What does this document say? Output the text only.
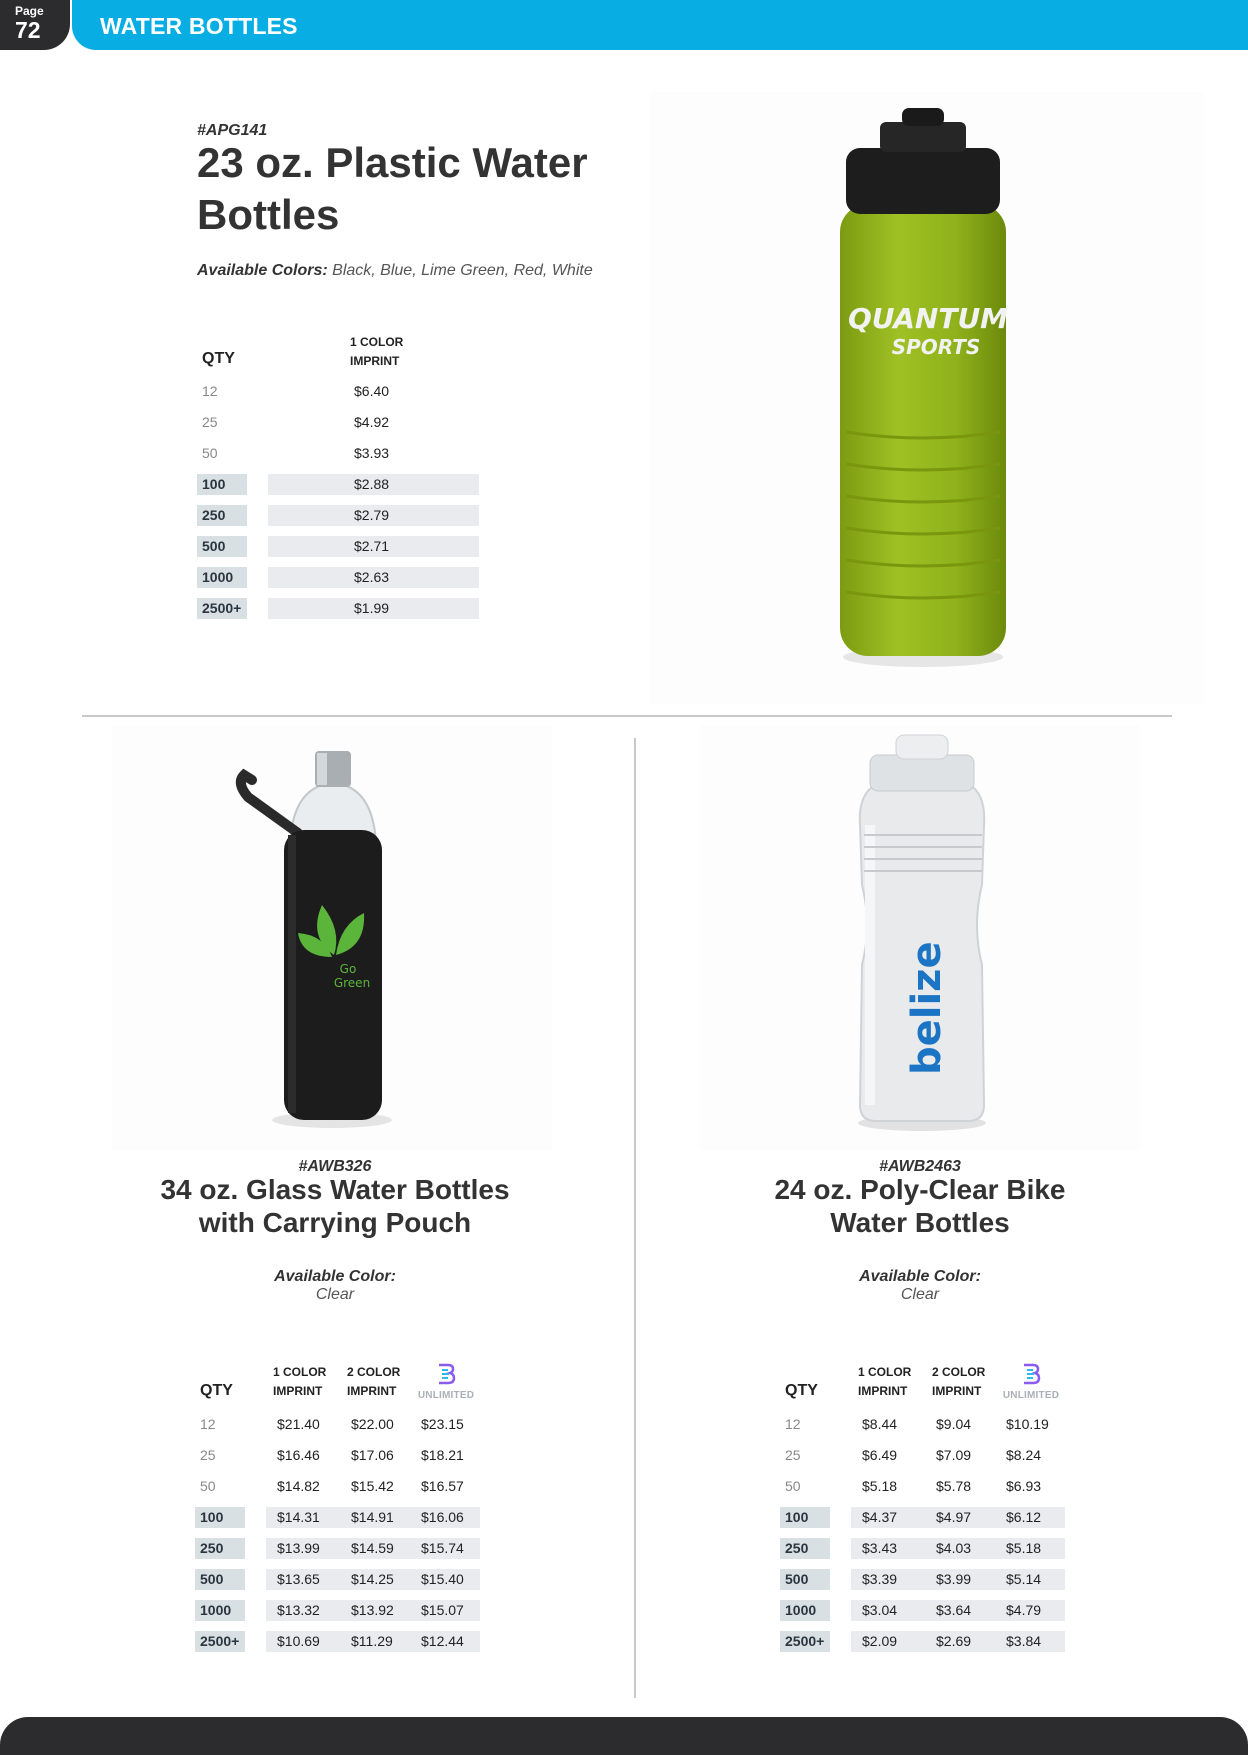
Page
72	WATER BOTTLES
#APG141
23 oz. Plastic Water
Bottles
Available Colors: Black, Blue, Lime Green, Red, White
1 COLOR
IMPRINT
QTY
12	$6.40
25	$4.92
50	$3.93
100	$2.88
250	$2.79
500	$2.71
1000	$2.63
2500+	$1.99
QUANTUM
SPORTS
Go
Green
#AWB326
34 oz. Glass Water Bottles
with Carrying Pouch
Available Color:
Clear
1 COLOR
IMPRINT
2 COLOR
IMPRINT	UNLIMITED
QTY
12	$21.40 $22.00 $23.15
25	$16.46 $17.06 $18.21
50	$14.82 $15.42 $16.57
100	$14.31 $14.91 $16.06
250	$13.99 $14.59 $15.74
500	$13.65 $14.25 $15.40
1000	$13.32 $13.92 $15.07
2500+	$10.69 $11.29 $12.44
belize
#AWB2463
24 oz. Poly-Clear Bike
Water Bottles
Available Color:
Clear
1 COLOR
IMPRINT
2 COLOR
IMPRINT	UNLIMITED
QTY
12	$8.44	$9.04 $10.19
25	$6.49	$7.09 $8.24
50	$5.18	$5.78 $6.93
100	$4.37	$4.97 $6.12
250	$3.43	$4.03 $5.18
500	$3.39	$3.99 $5.14
1000	$3.04	$3.64 $4.79
2500+	$2.09	$2.69 $3.84
